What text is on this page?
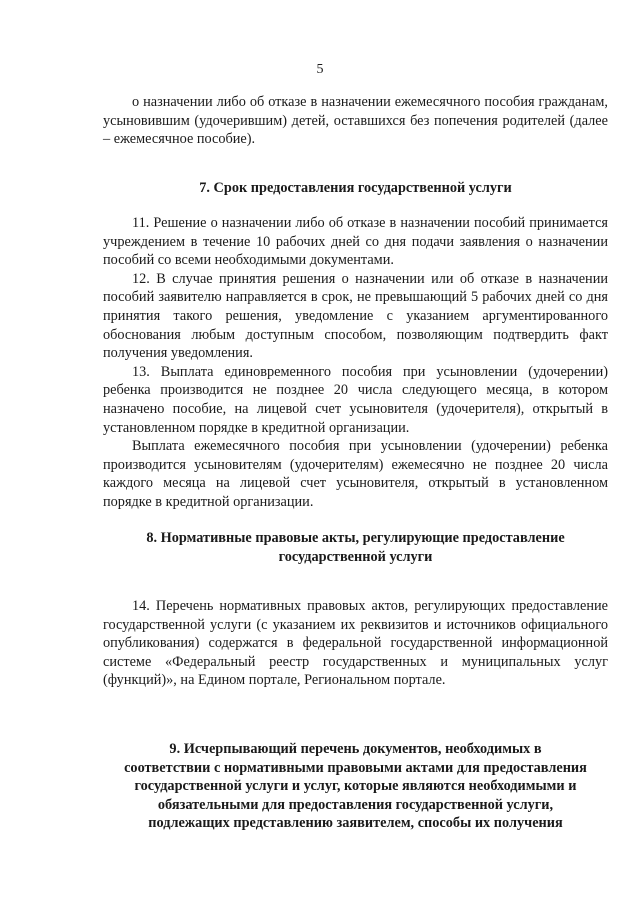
5

о назначении либо об отказе в назначении ежемесячного пособия гражданам, усыновившим (удочерившим) детей, оставшихся без попечения родителей (далее – ежемесячное пособие).

7. Срок предоставления государственной услуги

11. Решение о назначении либо об отказе в назначении пособий принимается учреждением в течение 10 рабочих дней со дня подачи заявления о назначении пособий со всеми необходимыми документами.

12. В случае принятия решения о назначении или об отказе в назначении пособий заявителю направляется в срок, не превышающий 5 рабочих дней со дня принятия такого решения, уведомление с указанием аргументированного обоснования любым доступным способом, позволяющим подтвердить факт получения уведомления.

13. Выплата единовременного пособия при усыновлении (удочерении) ребенка производится не позднее 20 числа следующего месяца, в котором назначено пособие, на лицевой счет усыновителя (удочерителя), открытый в установленном порядке в кредитной организации.

Выплата ежемесячного пособия при усыновлении (удочерении) ребенка производится усыновителям (удочерителям) ежемесячно не позднее 20 числа каждого месяца на лицевой счет усыновителя, открытый в установленном порядке в кредитной организации.

8. Нормативные правовые акты, регулирующие предоставление
государственной услуги

14. Перечень нормативных правовых актов, регулирующих предоставление государственной услуги (с указанием их реквизитов и источников официального опубликования) содержатся в федеральной государственной информационной системе «Федеральный реестр государственных и муниципальных услуг (функций)», на Едином портале, Региональном портале.

9. Исчерпывающий перечень документов, необходимых в
соответствии с нормативными правовыми актами для предоставления
государственной услуги и услуг, которые являются необходимыми и
обязательными для предоставления государственной услуги,
подлежащих представлению заявителем, способы их получения
